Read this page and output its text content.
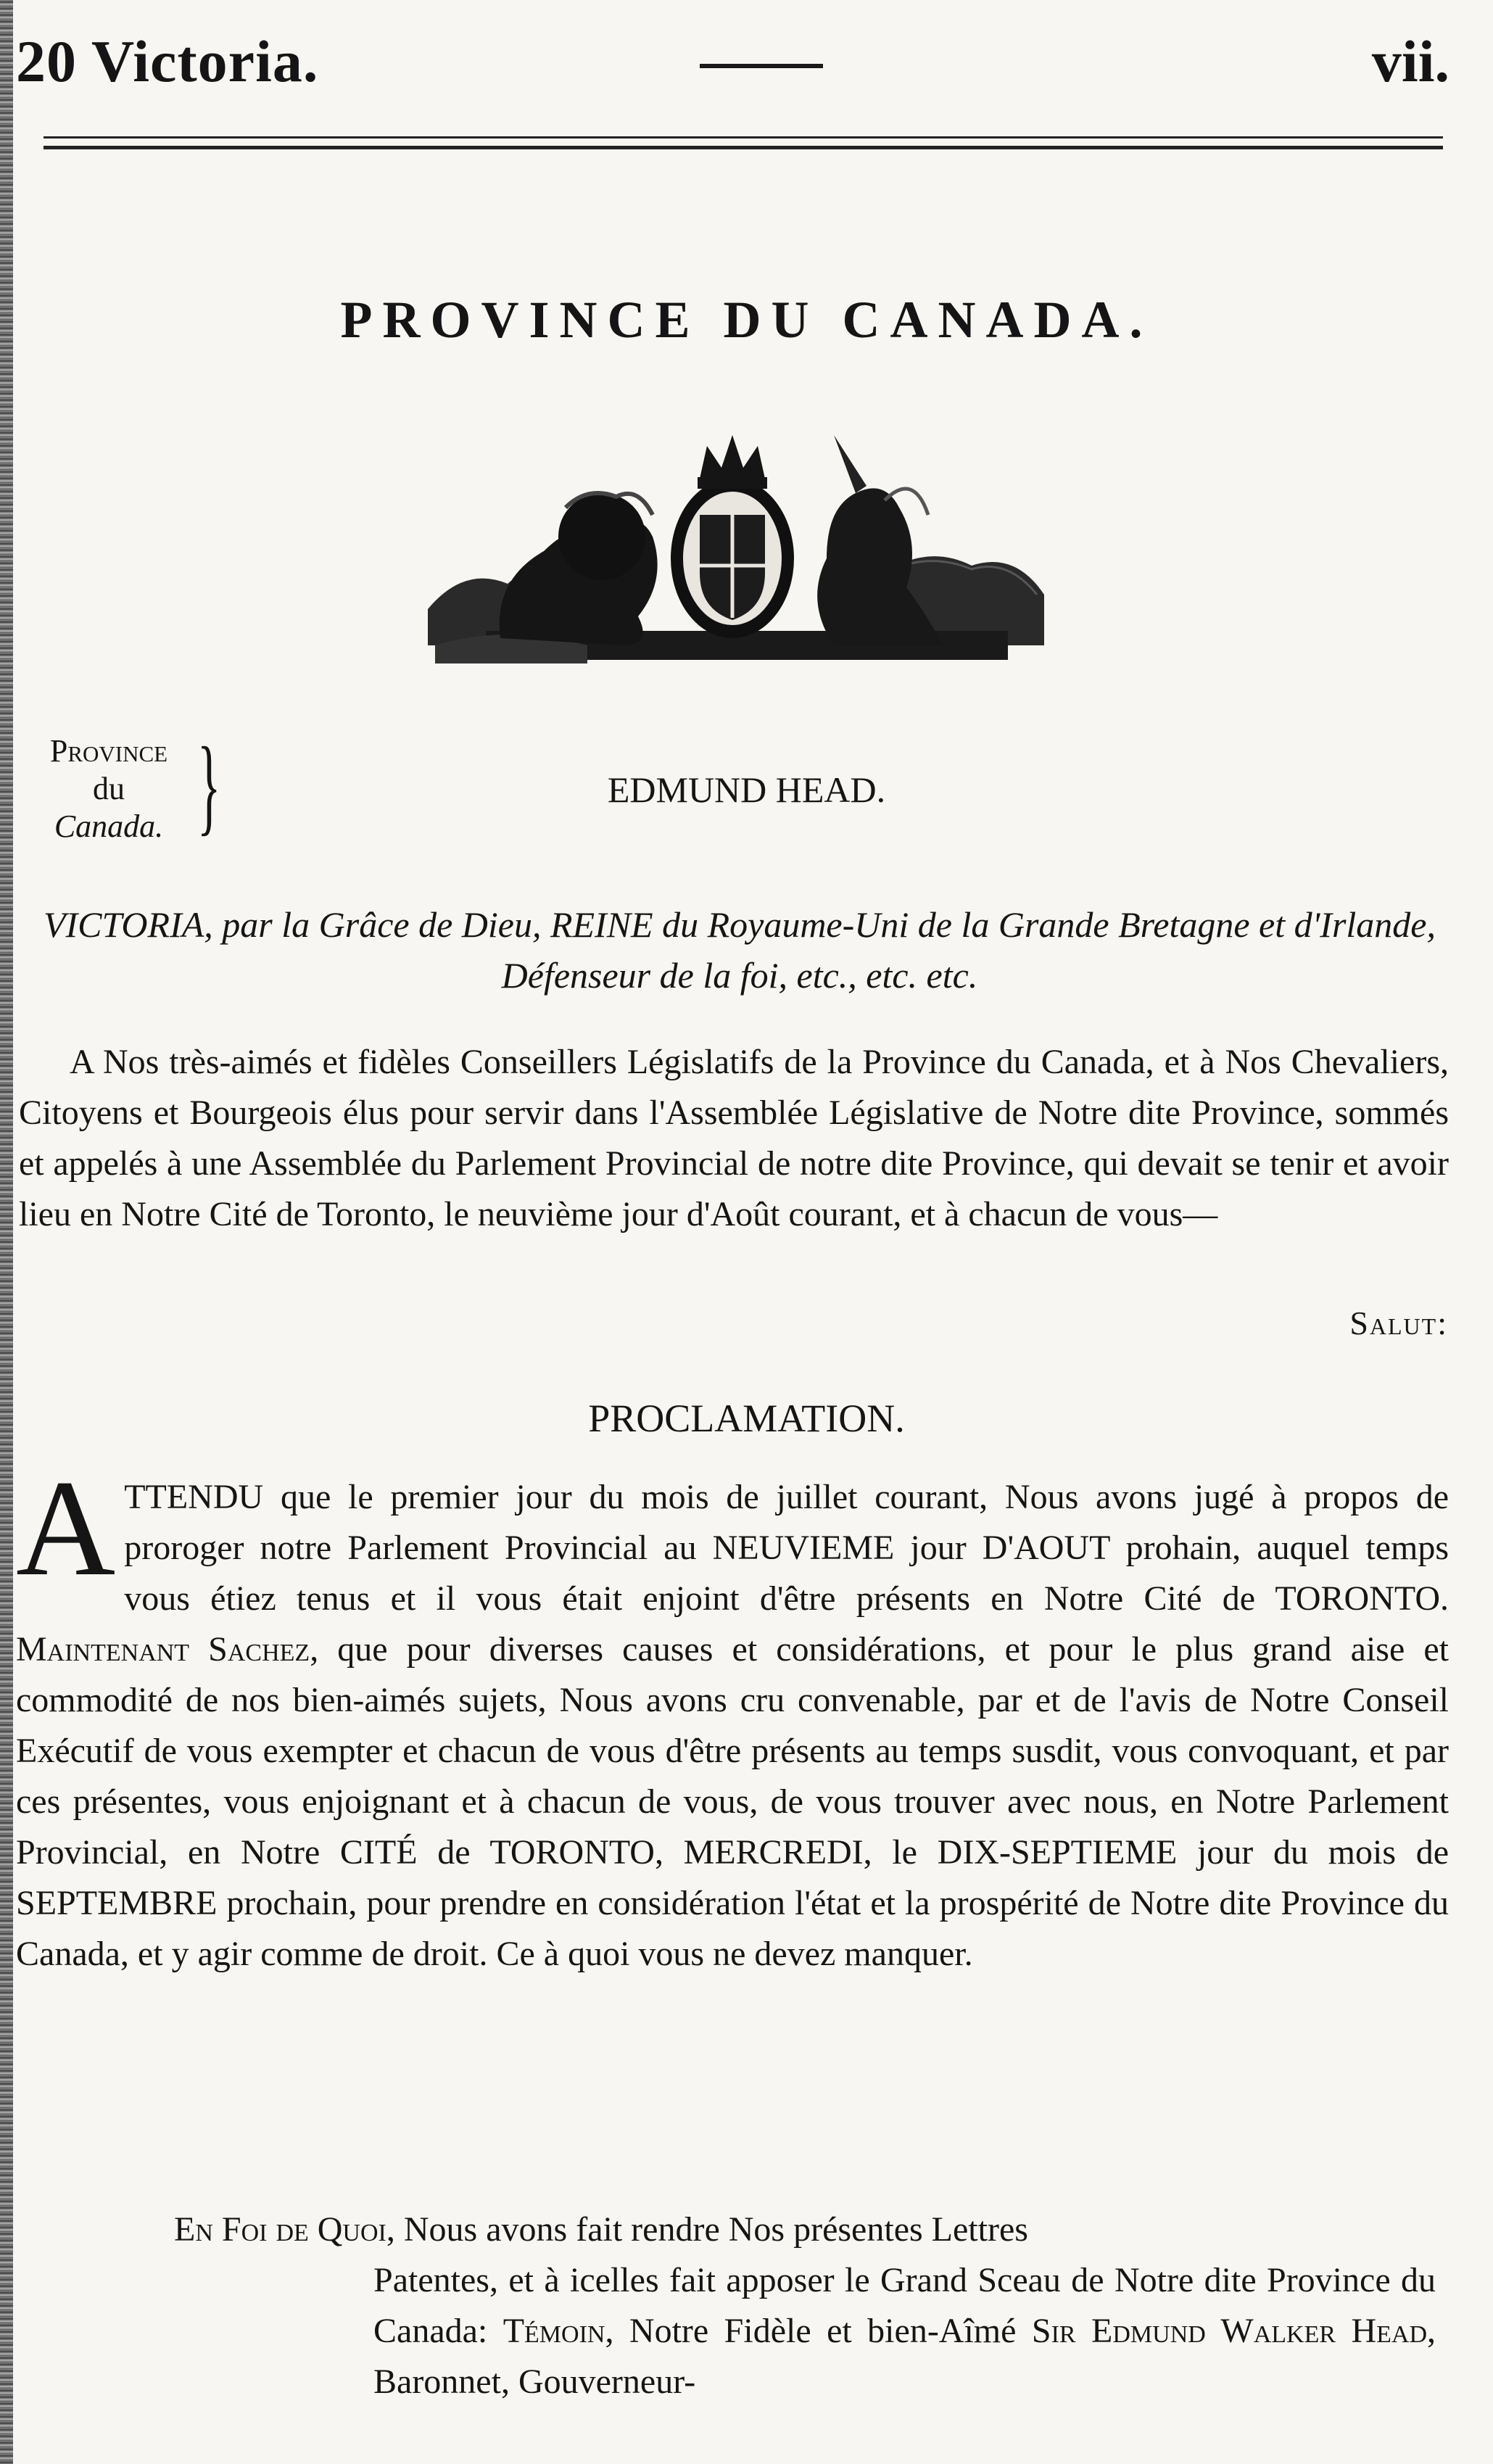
20 Victoria.	vii.
PROVINCE DU CANADA.
Province
du
Canada. }	EDMUND HEAD.
VICTORIA, par la Grâce de Dieu, REINE du Royaume-Uni de la Grande Bretagne et d'Irlande, Défenseur de la foi, etc., etc. etc.
A Nos très-aimés et fidèles Conseillers Législatifs de la Province du Canada, et à Nos Chevaliers, Citoyens et Bourgeois élus pour servir dans l'Assemblée Législative de Notre dite Province, sommés et appelés à une Assemblée du Parlement Provincial de notre dite Province, qui devait se tenir et avoir lieu en Notre Cité de Toronto, le neuvième jour d'Août courant, et à chacun de vous—
Salut:
PROCLAMATION.
A TTENDU que le premier jour du mois de juillet courant, Nous avons jugé à propos de proroger notre Parlement Provincial au NEUVIEME jour D'AOUT prohain, auquel temps vous étiez tenus et il vous était enjoint d'être présents en Notre Cité de TORONTO. Maintenant Sachez, que pour diverses causes et considérations, et pour le plus grand aise et commodité de nos bien-aimés sujets, Nous avons cru convenable, par et de l'avis de Notre Conseil Exécutif de vous exempter et chacun de vous d'être présents au temps susdit, vous convoquant, et par ces présentes, vous enjoignant et à chacun de vous, de vous trouver avec nous, en Notre Parlement Provincial, en Notre CITÉ de TORONTO, MERCREDI, le DIX-SEPTIEME jour du mois de SEPTEMBRE prochain, pour prendre en considération l'état et la prospérité de Notre dite Province du Canada, et y agir comme de droit. Ce à quoi vous ne devez manquer.
En Foi de Quoi, Nous avons fait rendre Nos présentes Lettres
Patentes, et à icelles fait apposer le Grand Sceau de Notre dite Province du Canada: Témoin, Notre Fidèle et bien-Aîmé Sir Edmund Walker Head, Baronnet, Gouverneur-
